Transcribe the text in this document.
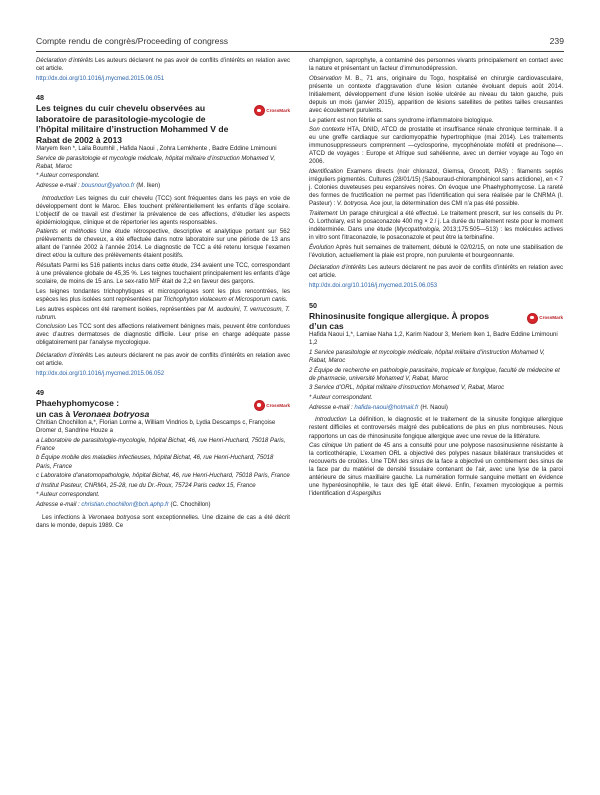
Compte rendu de congrès/Proceeding of congress	239

Déclaration d’intérêts Les auteurs déclarent ne pas avoir de conflits d’intérêts en relation avec cet article.

http://dx.doi.org/10.1016/j.mycmed.2015.06.051

48
Les teignes du cuir chevelu observées au laboratoire de parasitologie-mycologie de l’hôpital militaire d’instruction Mohammed V de Rabat de 2002 à 2013
CrossMark

Maryem Iken *, Laila Boumhil , Hafida Naoui , Zohra Lemkhente , Badre Eddine Lmimouni

Service de parasitologie et mycologie médicale, hôpital militaire d’instruction Mohamed V, Rabat, Maroc

* Auteur correspondant.

Adresse e-mail : bousnour@yahoo.fr (M. Iken)

Introduction Les teignes du cuir chevelu (TCC) sont fréquentes dans les pays en voie de développement dont le Maroc. Elles touchent préférentiellement les enfants d’âge scolaire. L’objectif de ce travail est d’estimer la prévalence de ces affections, d’étudier les aspects épidémiologique, clinique et de répertorier les agents responsables.

Patients et méthodes Une étude rétrospective, descriptive et analytique portant sur 562 prélèvements de cheveux, a été effectuée dans notre laboratoire sur une période de 13 ans allant de l’année 2002 à l’année 2014. Le diagnostic de TCC a été retenu lorsque l’examen direct et/ou la culture des prélèvements étaient positifs.

Résultats Parmi les 516 patients inclus dans cette étude, 234 avaient une TCC, correspondant à une prévalence globale de 45,35 %. Les teignes touchaient principalement les enfants d’âge scolaire, de moins de 15 ans. Le sex-ratio M/F était de 2,2 en faveur des garçons.

Les teignes tondantes trichophytiques et microsporiques sont les plus rencontrées, les espèces les plus isolées sont représentées par Trichophyton violaceum et Microsporum canis.

Les autres espèces ont été rarement isolées, représentées par M. audouini, T. verrucosum, T. rubrum.

Conclusion Les TCC sont des affections relativement bénignes mais, peuvent être confondues avec d’autres dermatoses de diagnostic difficile. Leur prise en charge adéquate passe obligatoirement par l’analyse mycologique.

Déclaration d’intérêts Les auteurs déclarent ne pas avoir de conflits d’intérêts en relation avec cet article.

http://dx.doi.org/10.1016/j.mycmed.2015.06.052

49
Phaehyphomycose :
un cas à Veronaea botryosa
CrossMark

Chritian Chochillon a,*, Florian Lorme a, William Vindrios b, Lydia Descamps c, Françoise Dromer d, Sandrine Houze a

a Laboratoire de parasitologie-mycologie, hôpital Bichat, 46, rue Henri-Huchard, 75018 Paris, France

b Équipe mobile des maladies infectieuses, hôpital Bichat, 46, rue Henri-Huchard, 75018 Paris, France

c Laboratoire d’anatomopathologie, hôpital Bichat, 46, rue Henri-Huchard, 75018 Paris, France

d Institut Pasteur, CNRMA, 25-28, rue du Dr.-Roux, 75724 Paris cedex 15, France

* Auteur correspondant.

Adresse e-mail : christian.chochillon@bch.aphp.fr (C. Chochillon)

Les infections à Veronaea botryosa sont exceptionnelles. Une dizaine de cas a été décrit dans le monde, depuis 1989. Ce

champignon, saprophyte, a contaminé des personnes vivants principalement en contact avec la nature et présentant un facteur d’immunodépression.

Observation M. B., 71 ans, originaire du Togo, hospitalisé en chirurgie cardiovasculaire, présente un contexte d’aggravation d’une lésion cutanée évoluant depuis août 2014. Initialement, développement d’une lésion isolée ulcérée au niveau du talon gauche, puis depuis un mois (janvier 2015), apparition de lésions satellites de petites tailles creusantes avec écoulement purulents.

Le patient est non fébrile et sans syndrome inflammatoire biologique.

Son contexte HTA, DNID, ATCD de prostatite et insuffisance rénale chronique terminale. Il a eu une greffe cardiaque sur cardiomyopathie hypertrophique (mai 2014). Les traitements immunosuppresseurs comprennent —cyclosporine, mycophénolate mofétil et prednisone—. ATCD de voyages : Europe et Afrique sud sahélienne, avec un dernier voyage au Togo en 2006.

Identification Examens directs (noir chlorazol, Giemsa, Grocott, PAS) : filaments septés irréguliers pigmentés. Cultures (28/01/15) (Sabouraud-chloramphénicol sans actidione), en < 7 j. Colonies duveteuses peu expansives noires. On évoque une Phaehyphomycose. La rareté des formes de fructification ne permet pas l’identification qui sera réalisée par le CNRMA (I. Pasteur) : V. botryosa. Ace jour, la détermination des CMI n’a pas été possible.

Traitement Un parage chirurgical a été effectué. Le traitement prescrit, sur les conseils du Pr. O. Lortholary, est le posaconazole 400 mg × 2 / j. La durée du traitement reste pour le moment indéterminée. Dans une étude (Mycopathologia, 2013;175:505—513) : les molécules actives in vitro sont l’itraconazole, le posaconazole et peut être la terbinafine.

Évolution Après huit semaines de traitement, débuté le 02/02/15, on note une stabilisation de l’évolution, actuellement la plaie est propre, non purulente et bourgeonnante.

Déclaration d’intérêts Les auteurs déclarent ne pas avoir de conflits d’intérêts en relation avec cet article.

http://dx.doi.org/10.1016/j.mycmed.2015.06.053

50
Rhinosinusite fongique allergique. À propos d’un cas
CrossMark

Hafida Naoui 1,*, Lamiae Naha 1,2, Karim Nadour 3, Meriem Iken 1, Badre Eddine Lmimouni 1,2

1 Service parasitologie et mycologie médicale, hôpital militaire d’instruction Mohamed V, Rabat, Maroc

2 Équipe de recherche en pathologie parasitaire, tropicale et fongique, faculté de médecine et de pharmacie, université Mohamed V, Rabat, Maroc

3 Service d’ORL, hôpital militaire d’instruction Mohamed V, Rabat, Maroc

* Auteur correspondant.

Adresse e-mail : hafida-naoui@hotmail.fr (H. Naoui)

Introduction La définition, le diagnostic et le traitement de la sinusite fongique allergique restent difficiles et controversés malgré des publications de plus en plus nombreuses. Nous rapportons un cas de rhinosinusite fongique allergique avec une revue de la littérature.

Cas clinique Un patient de 45 ans a consulté pour une polypose nasosinusienne résistante à la corticothérapie, L’examen ORL a objectivé des polypes nasaux bilatéraux translucides et recouverts de croûtes. Une TDM des sinus de la face a objectivé un comblement des sinus de la face par du matériel de densité tissulaire contenant de l’air, avec une lyse de la paroi antérieure de sinus maxillaire gauche. La numération formule sanguine mettant en évidence une hyperéosinophilie, le taux des IgE était élevé. Enfin, l’examen mycologique a permis l’identification d’Aspergillus
